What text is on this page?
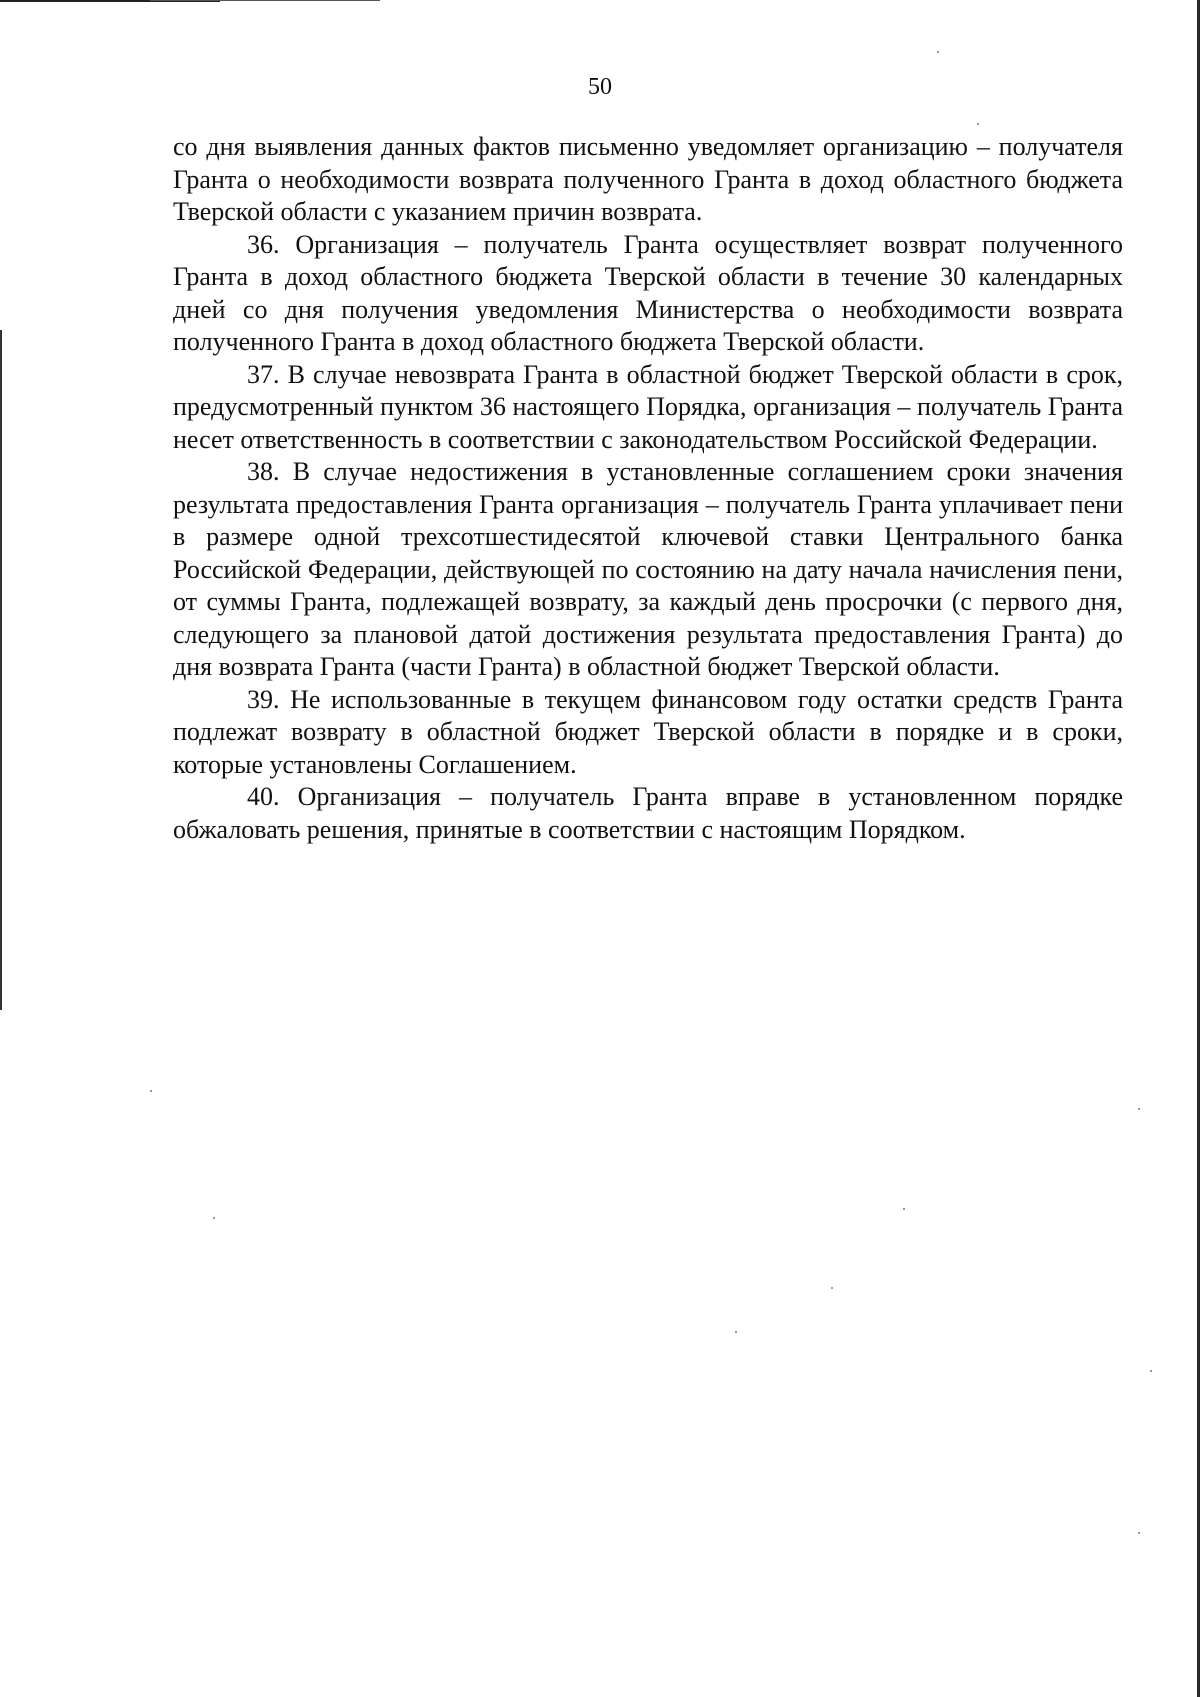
50

со дня выявления данных фактов письменно уведомляет организацию – получателя Гранта о необходимости возврата полученного Гранта в доход областного бюджета Тверской области с указанием причин возврата.

36. Организация – получатель Гранта осуществляет возврат полученного Гранта в доход областного бюджета Тверской области в течение 30 календарных дней со дня получения уведомления Министерства о необходимости возврата полученного Гранта в доход областного бюджета Тверской области.

37. В случае невозврата Гранта в областной бюджет Тверской области в срок, предусмотренный пунктом 36 настоящего Порядка, организация – получатель Гранта несет ответственность в соответствии с законодательством Российской Федерации.

38. В случае недостижения в установленные соглашением сроки значения результата предоставления Гранта организация – получатель Гранта уплачивает пени в размере одной трехсотшестидесятой ключевой ставки Центрального банка Российской Федерации, действующей по состоянию на дату начала начисления пени, от суммы Гранта, подлежащей возврату, за каждый день просрочки (с первого дня, следующего за плановой датой достижения результата предоставления Гранта) до дня возврата Гранта (части Гранта) в областной бюджет Тверской области.

39. Не использованные в текущем финансовом году остатки средств Гранта подлежат возврату в областной бюджет Тверской области в порядке и в сроки, которые установлены Соглашением.

40. Организация – получатель Гранта вправе в установленном порядке обжаловать решения, принятые в соответствии с настоящим Порядком.
